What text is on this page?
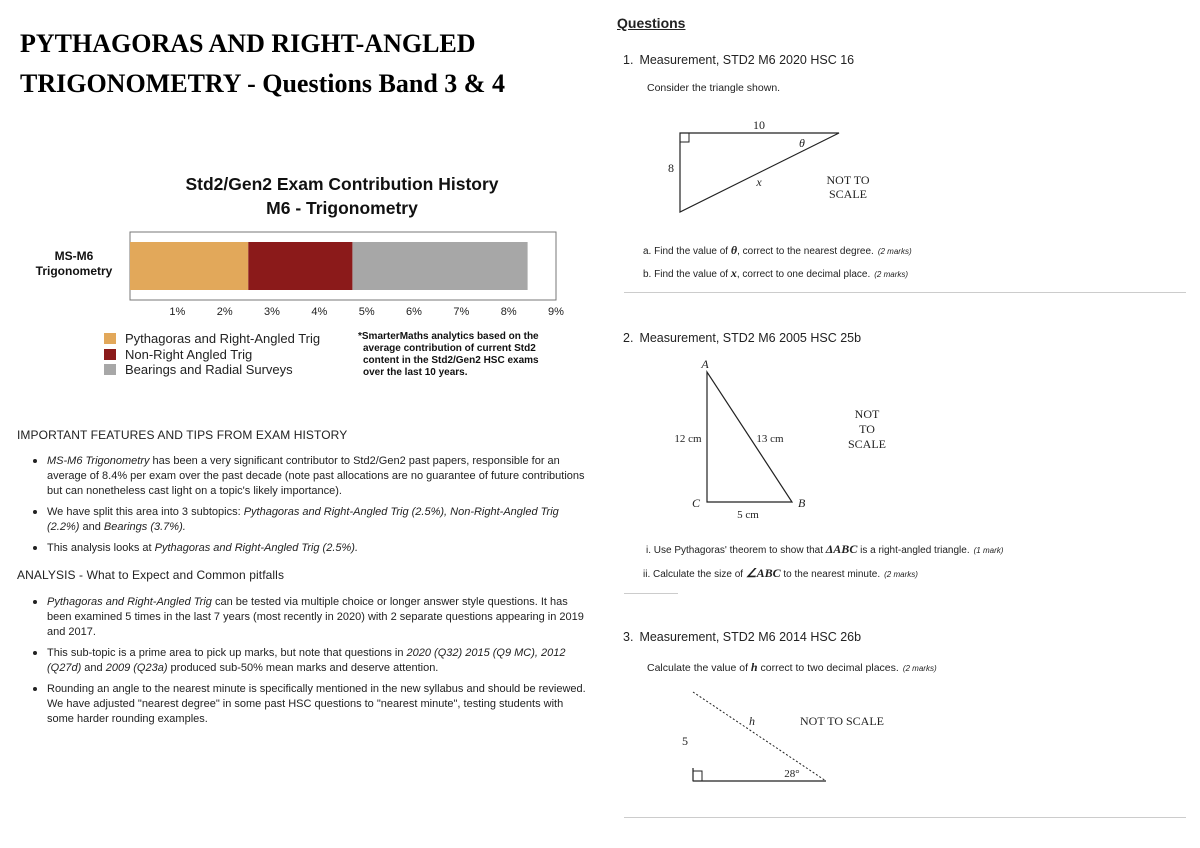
PYTHAGORAS AND RIGHT-ANGLED
TRIGONOMETRY - Questions Band 3 & 4
Std2/Gen2 Exam Contribution History
M6 - Trigonometry
MS-M6
Trigonometry
1%	2%	3%	4%	5%	6%	7%	8%	9%
Pythagoras and Right-Angled Trig
Non-Right Angled Trig
Bearings and Radial Surveys
*SmarterMaths analytics based on the
average contribution of current Std2
content in the Std2/Gen2 HSC exams
over the last 10 years.
IMPORTANT FEATURES AND TIPS FROM EXAM HISTORY
MS-M6 Trigonometry has been a very significant contributor to Std2/Gen2 past papers, responsible for an average of 8.4% per exam over the past decade (note past allocations are no guarantee of future contributions but can nonetheless cast light on a topic's likely importance).
We have split this area into 3 subtopics: Pythagoras and Right-Angled Trig (2.5%), Non-Right-Angled Trig (2.2%) and Bearings (3.7%).
This analysis looks at Pythagoras and Right-Angled Trig (2.5%).
ANALYSIS - What to Expect and Common pitfalls
Pythagoras and Right-Angled Trig can be tested via multiple choice or longer answer style questions. It has been examined 5 times in the last 7 years (most recently in 2020) with 2 separate questions appearing in 2019 and 2017.
This sub-topic is a prime area to pick up marks, but note that questions in 2020 (Q32) 2015 (Q9 MC), 2012 (Q27d) and 2009 (Q23a) produced sub-50% mean marks and deserve attention.
Rounding an angle to the nearest minute is specifically mentioned in the new syllabus and should be reviewed. We have adjusted "nearest degree" in some past HSC questions to "nearest minute", testing students with some harder rounding examples.
Questions
1. Measurement, STD2 M6 2020 HSC 16
Consider the triangle shown.
10
8
θ
x	NOT TO
SCALE
a. Find the value of θ, correct to the nearest degree. (2 marks)
b. Find the value of x, correct to one decimal place. (2 marks)
2. Measurement, STD2 M6 2005 HSC 25b
A
B
C
12 cm	13 cm
5 cm
NOT
TO
SCALE
i. Use Pythagoras' theorem to show that ΔABC is a right-angled triangle. (1 mark)
ii. Calculate the size of ∠ABC to the nearest minute. (2 marks)
3. Measurement, STD2 M6 2014 HSC 26b
Calculate the value of h correct to two decimal places. (2 marks)
5
h
28°
NOT TO SCALE
